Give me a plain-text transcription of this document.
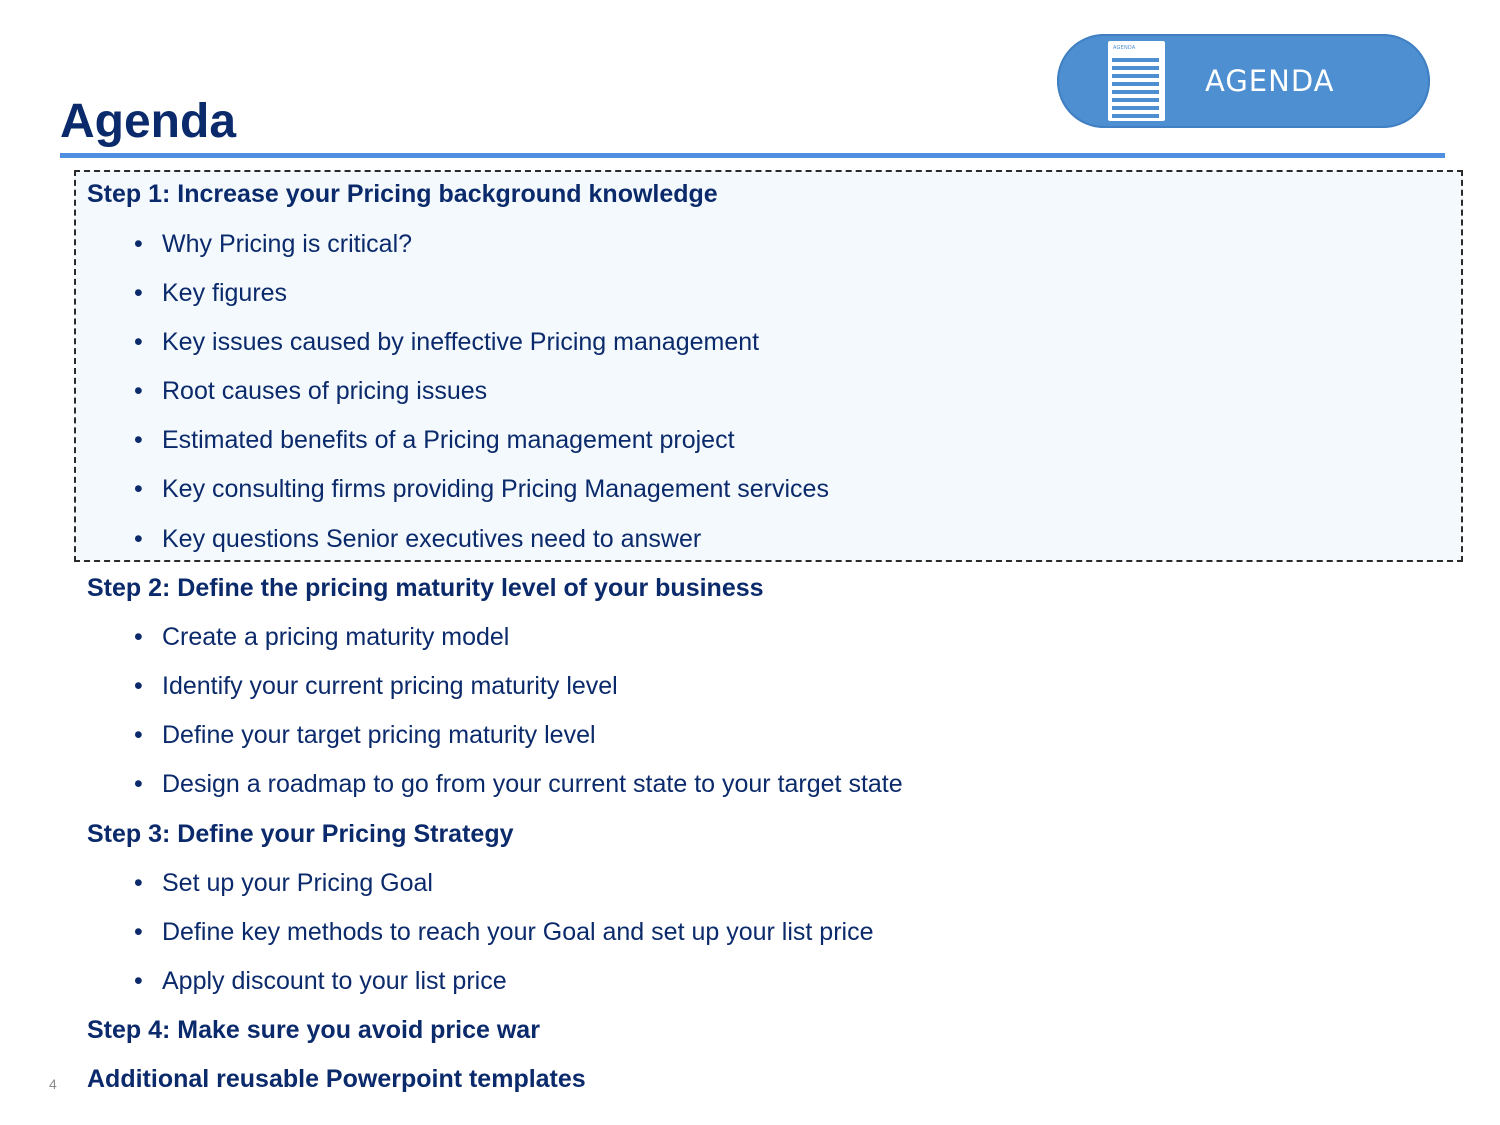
Agenda
AGENDA
AGENDA
Step 1: Increase your Pricing background knowledge
• Why Pricing is critical?
• Key figures
• Key issues caused by ineffective Pricing management
• Root causes of pricing issues
• Estimated benefits of a Pricing management project
• Key consulting firms providing Pricing Management services
• Key questions Senior executives need to answer
Step 2: Define the pricing maturity level of your business
• Create a pricing maturity model
• Identify your current pricing maturity level
• Define your target pricing maturity level
• Design a roadmap to go from your current state to your target state
Step 3: Define your Pricing Strategy
• Set up your Pricing Goal
• Define key methods to reach your Goal and set up your list price
• Apply discount to your list price
Step 4: Make sure you avoid price war
Additional reusable Powerpoint templates
4
